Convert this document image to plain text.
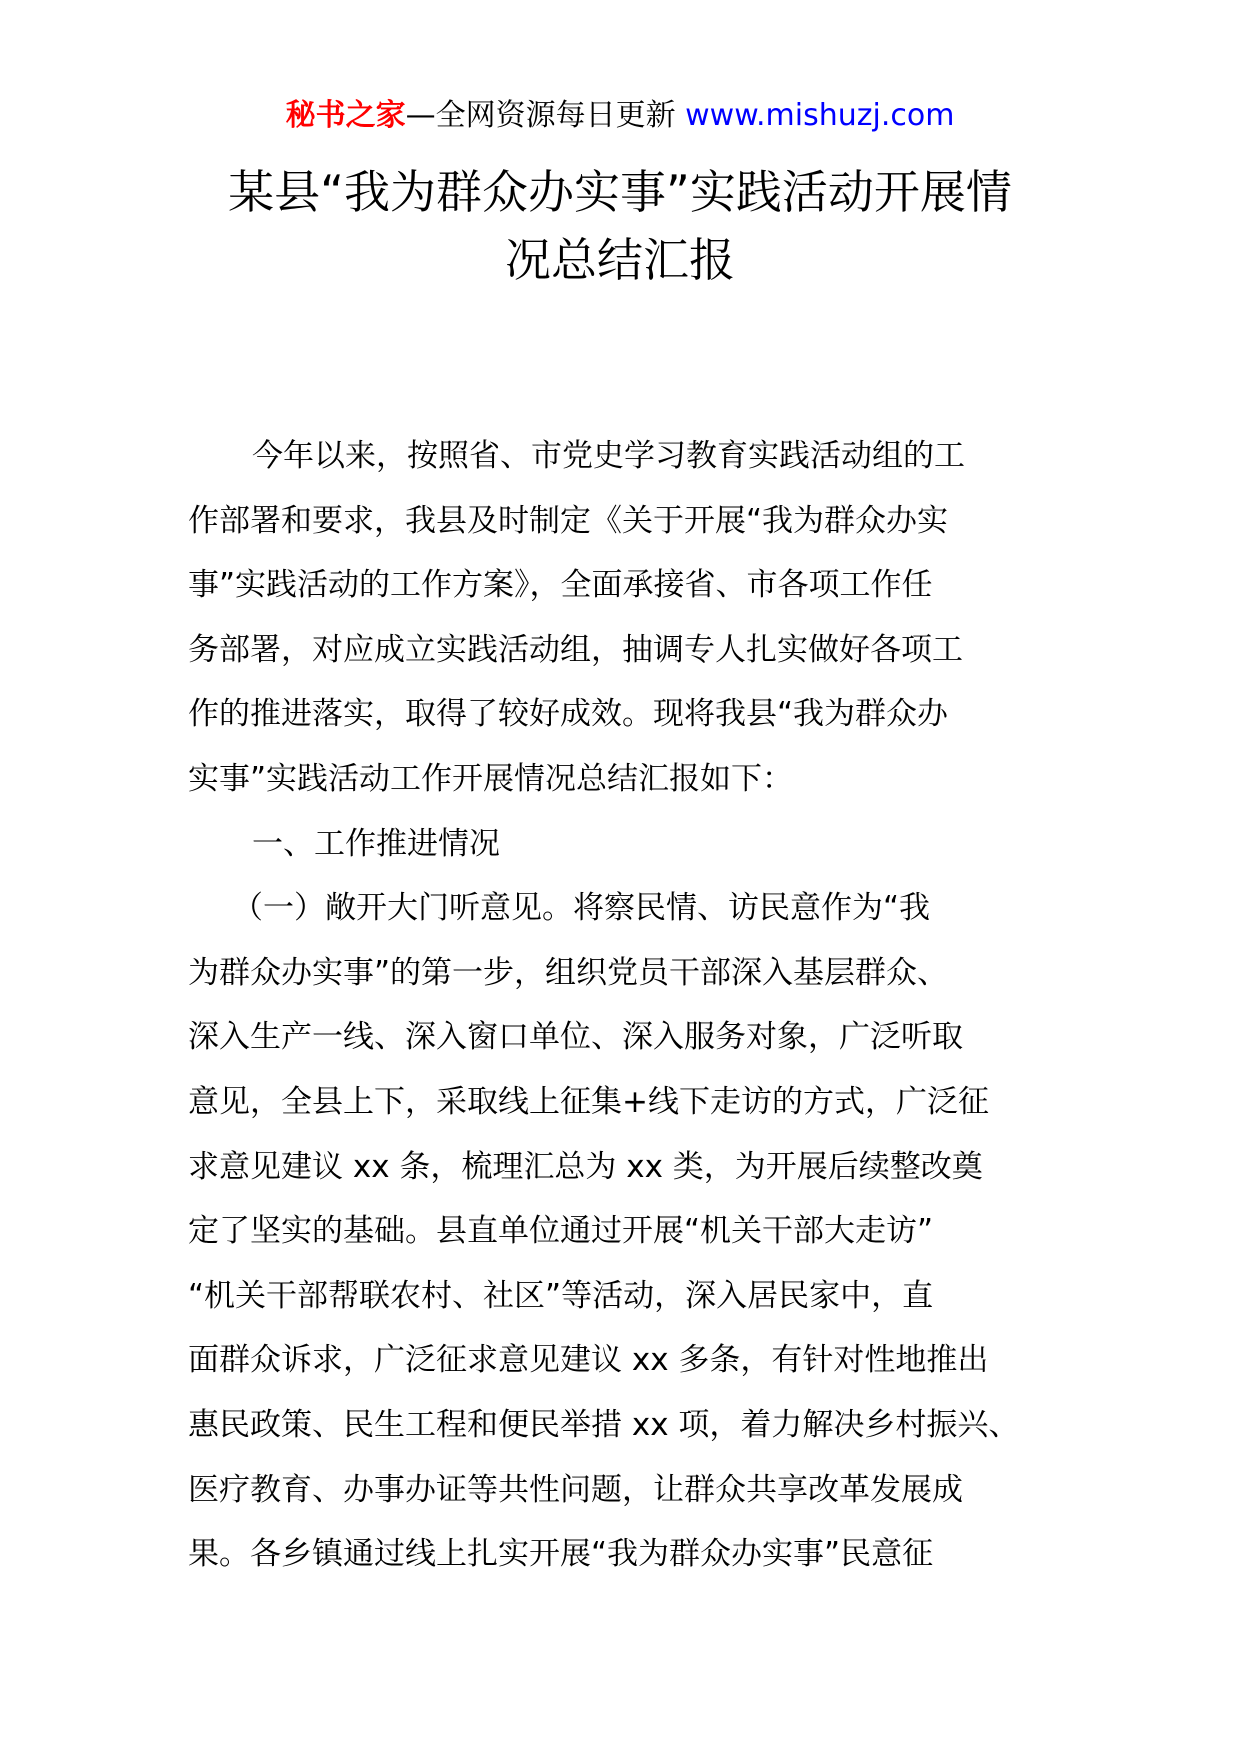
秘书之家—全网资源每日更新 www.mishuzj.com
某县“我为群众办实事”实践活动开展情
况总结汇报
今年以来，按照省、市党史学习教育实践活动组的工
作部署和要求，我县及时制定《关于开展“我为群众办实
事”实践活动的工作方案》，全面承接省、市各项工作任
务部署，对应成立实践活动组，抽调专人扎实做好各项工
作的推进落实，取得了较好成效。现将我县“我为群众办
实事”实践活动工作开展情况总结汇报如下：
一、工作推进情况
（一）敞开大门听意见。将察民情、访民意作为“我
为群众办实事”的第一步，组织党员干部深入基层群众、
深入生产一线、深入窗口单位、深入服务对象，广泛听取
意见，全县上下，采取线上征集+线下走访的方式，广泛征
求意见建议 xx 条，梳理汇总为 xx 类，为开展后续整改奠
定了坚实的基础。县直单位通过开展“机关干部大走访”
“机关干部帮联农村、社区”等活动，深入居民家中，直
面群众诉求，广泛征求意见建议 xx 多条，有针对性地推出
惠民政策、民生工程和便民举措 xx 项，着力解决乡村振兴、
医疗教育、办事办证等共性问题，让群众共享改革发展成
果。各乡镇通过线上扎实开展“我为群众办实事”民意征
